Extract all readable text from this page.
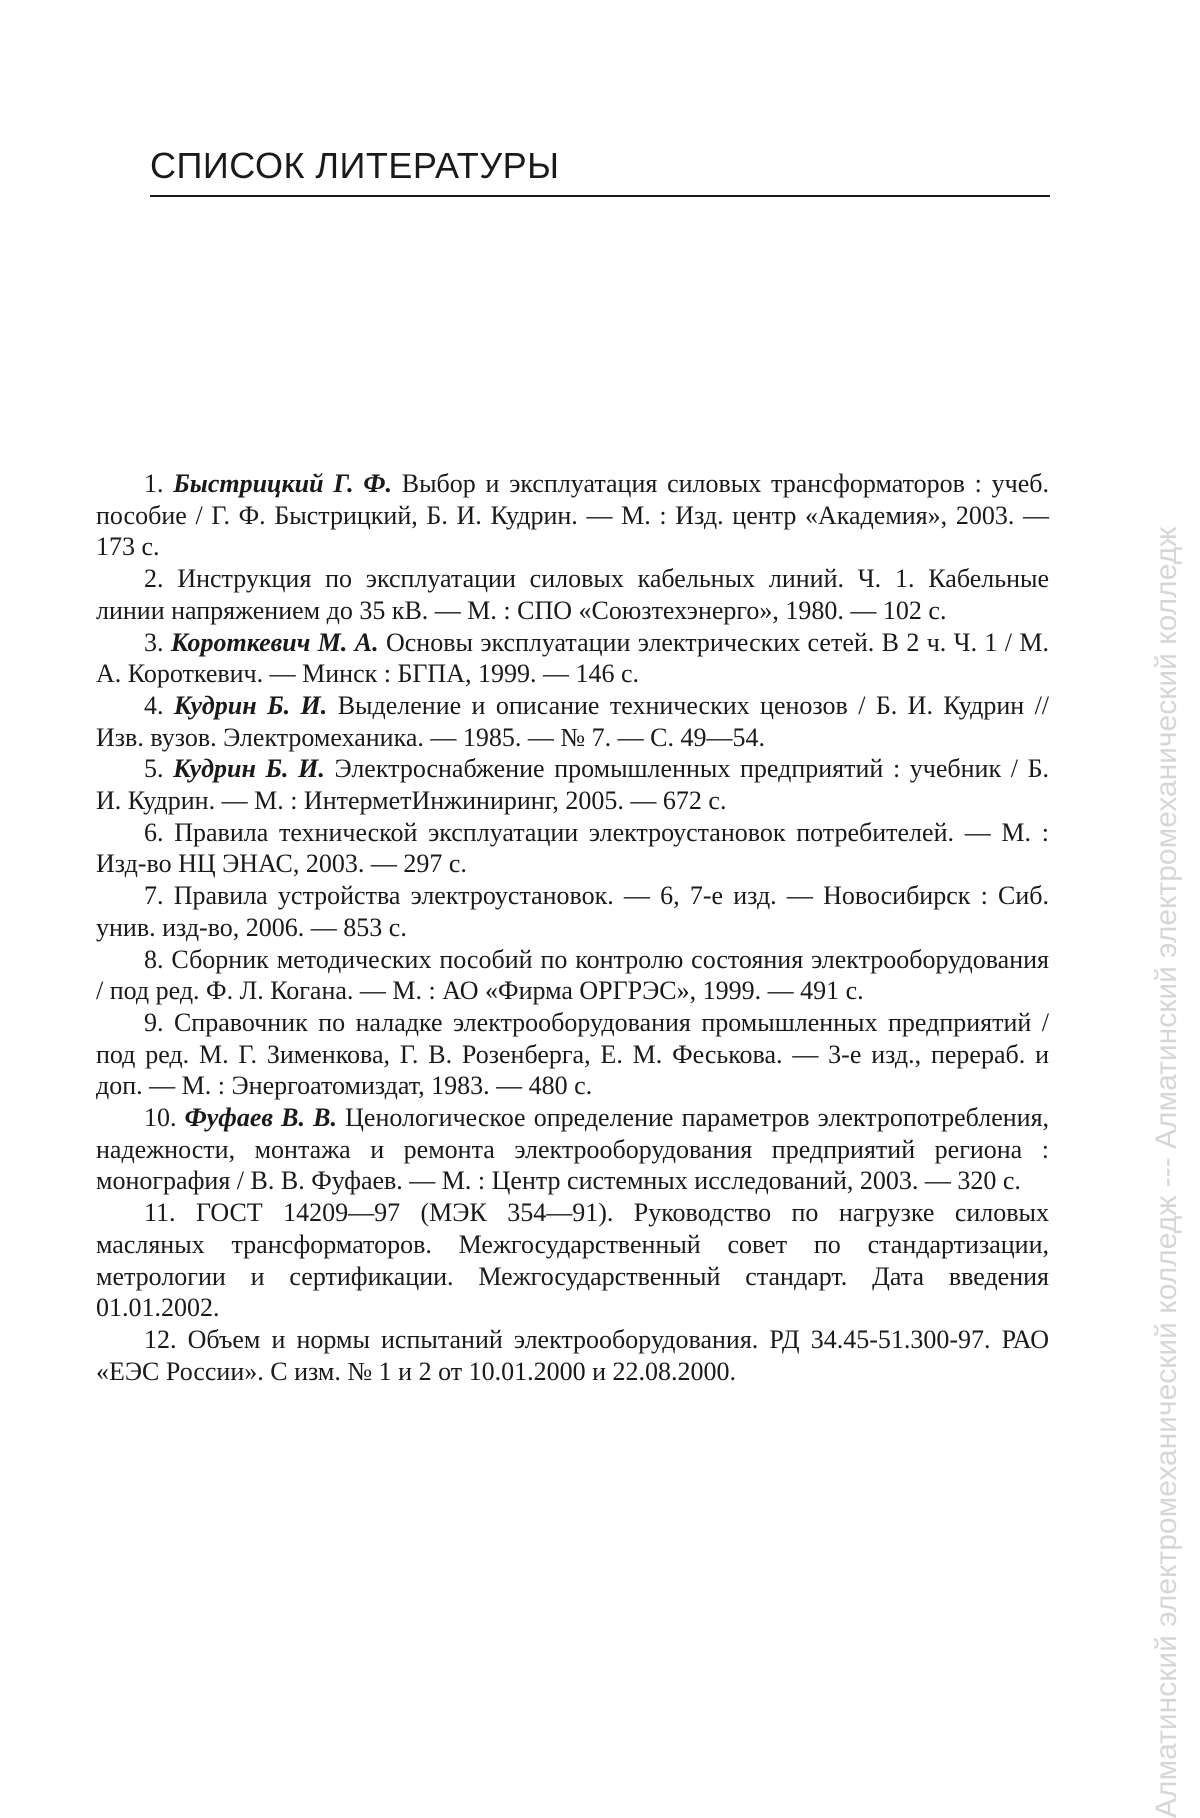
СПИСОК ЛИТЕРАТУРЫ
1. Быстрицкий Г. Ф. Выбор и эксплуатация силовых трансформаторов : учеб. пособие / Г. Ф. Быстрицкий, Б. И. Кудрин. — М. : Изд. центр «Академия», 2003. — 173 с.
2. Инструкция по эксплуатации силовых кабельных линий. Ч. 1. Кабельные линии напряжением до 35 кВ. — М. : СПО «Союзтехэнерго», 1980. — 102 с.
3. Короткевич М. А. Основы эксплуатации электрических сетей. В 2 ч. Ч. 1 / М. А. Короткевич. — Минск : БГПА, 1999. — 146 с.
4. Кудрин Б. И. Выделение и описание технических ценозов / Б. И. Кудрин // Изв. вузов. Электромеханика. — 1985. — № 7. — С. 49—54.
5. Кудрин Б. И. Электроснабжение промышленных предприятий : учебник / Б. И. Кудрин. — М. : ИнтерметИнжиниринг, 2005. — 672 с.
6. Правила технической эксплуатации электроустановок потребителей. — М. : Изд-во НЦ ЭНАС, 2003. — 297 с.
7. Правила устройства электроустановок. — 6, 7-е изд. — Новосибирск : Сиб. унив. изд-во, 2006. — 853 с.
8. Сборник методических пособий по контролю состояния электрооборудования / под ред. Ф. Л. Когана. — М. : АО «Фирма ОРГРЭС», 1999. — 491 с.
9. Справочник по наладке электрооборудования промышленных предприятий / под ред. М. Г. Зименкова, Г. В. Розенберга, Е. М. Феськова. — 3-е изд., перераб. и доп. — М. : Энергоатомиздат, 1983. — 480 с.
10. Фуфаев В. В. Ценологическое определение параметров электропотребления, надежности, монтажа и ремонта электрооборудования предприятий региона : монография / В. В. Фуфаев. — М. : Центр системных исследований, 2003. — 320 с.
11. ГОСТ 14209—97 (МЭК 354—91). Руководство по нагрузке силовых масляных трансформаторов. Межгосударственный совет по стандартизации, метрологии и сертификации. Межгосударственный стандарт. Дата введения 01.01.2002.
12. Объем и нормы испытаний электрооборудования. РД 34.45-51.300-97. РАО «ЕЭС России». С изм. № 1 и 2 от 10.01.2000 и 22.08.2000.	Алматинский электромеханический колледж --- Алматинский электромеханический колледж
